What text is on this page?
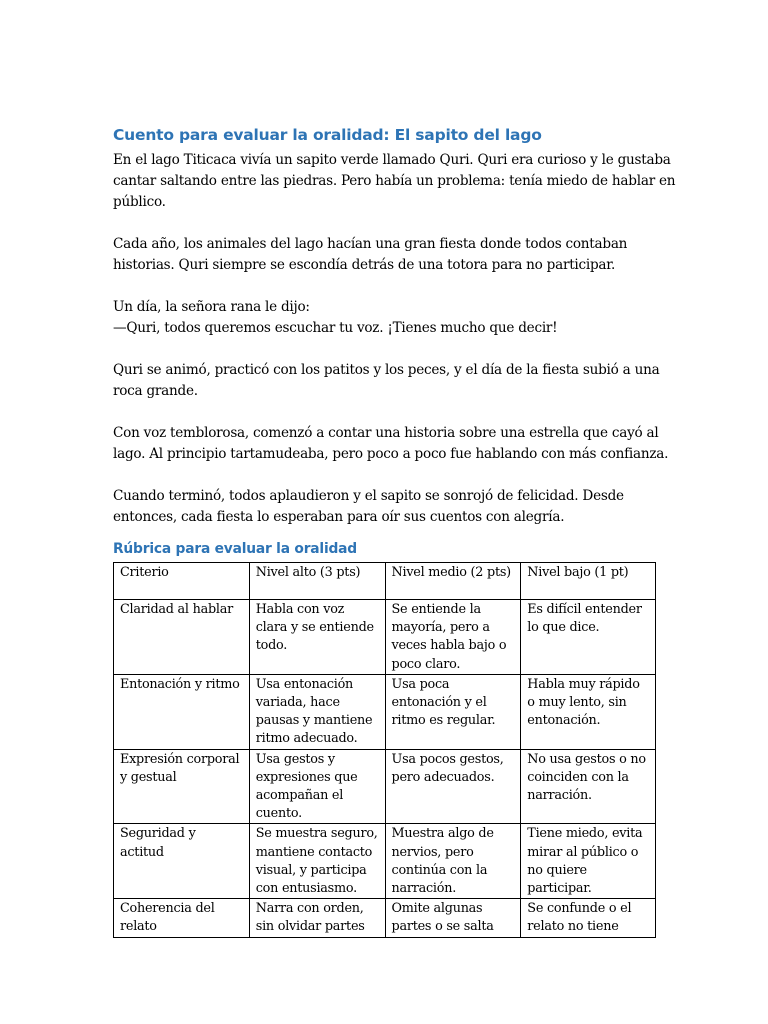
Cuento para evaluar la oralidad: El sapito del lago

En el lago Titicaca vivía un sapito verde llamado Quri. Quri era curioso y le gustaba
cantar saltando entre las piedras. Pero había un problema: tenía miedo de hablar en
público.

Cada año, los animales del lago hacían una gran fiesta donde todos contaban
historias. Quri siempre se escondía detrás de una totora para no participar.

Un día, la señora rana le dijo:
—Quri, todos queremos escuchar tu voz. ¡Tienes mucho que decir!

Quri se animó, practicó con los patitos y los peces, y el día de la fiesta subió a una
roca grande.

Con voz temblorosa, comenzó a contar una historia sobre una estrella que cayó al
lago. Al principio tartamudeaba, pero poco a poco fue hablando con más confianza.

Cuando terminó, todos aplaudieron y el sapito se sonrojó de felicidad. Desde
entonces, cada fiesta lo esperaban para oír sus cuentos con alegría.

Rúbrica para evaluar la oralidad
Criterio	Nivel alto (3 pts)	Nivel medio (2 pts)	Nivel bajo (1 pt)

Claridad al hablar	Habla con voz clara y se entiende todo.	Se entiende la mayoría, pero a veces habla bajo o poco claro.	Es difícil entender lo que dice.

Entonación y ritmo	Usa entonación variada, hace pausas y mantiene ritmo adecuado.	Usa poca entonación y el ritmo es regular.	Habla muy rápido o muy lento, sin entonación.

Expresión corporal y gestual	Usa gestos y expresiones que acompañan el cuento.	Usa pocos gestos, pero adecuados.	No usa gestos o no coinciden con la narración.

Seguridad y actitud	Se muestra seguro, mantiene contacto visual, y participa con entusiasmo.	Muestra algo de nervios, pero continúa con la narración.	Tiene miedo, evita mirar al público o no quiere participar.

Coherencia del relato	Narra con orden, sin olvidar partes	Omite algunas partes o se salta	Se confunde o el relato no tiene
